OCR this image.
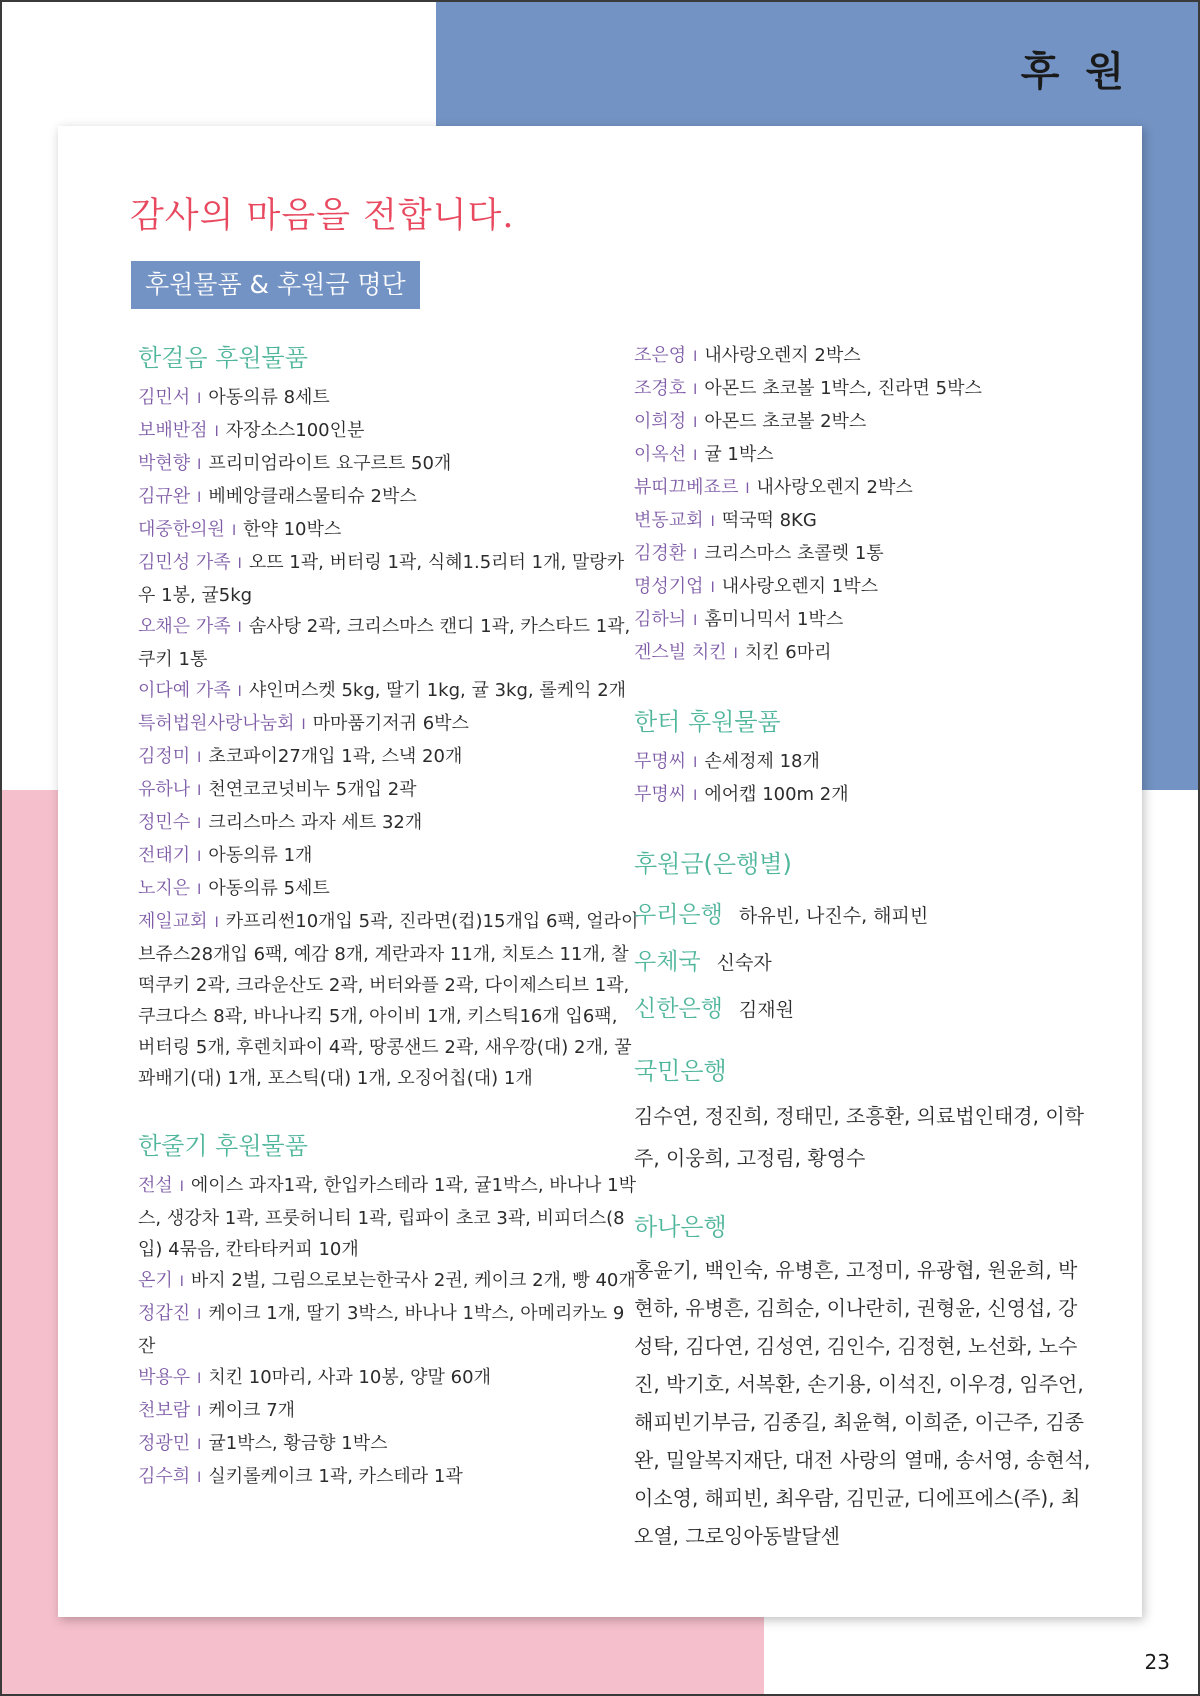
후 원
감사의 마음을 전합니다.
후원물품 & 후원금 명단
한걸음 후원물품
김민서 I 아동의류 8세트
보배반점 I 자장소스100인분
박현향 I 프리미엄라이트 요구르트 50개
김규완 I 베베앙클래스물티슈 2박스
대중한의원 I 한약 10박스
김민성 가족 I 오뜨 1곽, 버터링 1곽, 식혜1.5리터 1개, 말랑카우 1봉, 귤5kg
오채은 가족 I 솜사탕 2곽, 크리스마스 캔디 1곽, 카스타드 1곽, 쿠키 1통
이다예 가족 I 샤인머스켓 5kg, 딸기 1kg, 귤 3kg, 롤케익 2개
특허법원사랑나눔회 I 마마품기저귀 6박스
김정미 I 초코파이27개입 1곽, 스낵 20개
유하나 I 천연코코넛비누 5개입 2곽
정민수 I 크리스마스 과자 세트 32개
전태기 I 아동의류 1개
노지은 I 아동의류 5세트
제일교회 I 카프리썬10개입 5곽, 진라면(컵)15개입 6팩, 얼라이브쥬스28개입 6팩, 예감 8개, 계란과자 11개, 치토스 11개, 찰떡쿠키 2곽, 크라운산도 2곽, 버터와플 2곽, 다이제스티브 1곽, 쿠크다스 8곽, 바나나킥 5개, 아이비 1개, 키스틱16개 입6팩, 버터링 5개, 후렌치파이 4곽, 땅콩샌드 2곽, 새우깡(대) 2개, 꿀꽈배기(대) 1개, 포스틱(대) 1개, 오징어칩(대) 1개
한줄기 후원물품
전설 I 에이스 과자1곽, 한입카스테라 1곽, 귤1박스, 바나나 1박스, 생강차 1곽, 프룻허니티 1곽, 립파이 초코 3곽, 비피더스(8입) 4묶음, 칸타타커피 10개
온기 I 바지 2벌, 그림으로보는한국사 2권, 케이크 2개, 빵 40개
정갑진 I 케이크 1개, 딸기 3박스, 바나나 1박스, 아메리카노 9잔
박용우 I 치킨 10마리, 사과 10봉, 양말 60개
천보람 I 케이크 7개
정광민 I 귤1박스, 황금향 1박스
김수희 I 실키롤케이크 1곽, 카스테라 1곽
조은영 I 내사랑오렌지 2박스
조경호 I 아몬드 초코볼 1박스, 진라면 5박스
이희정 I 아몬드 초코볼 2박스
이옥선 I 귤 1박스
뷰띠끄베죠르 I 내사랑오렌지 2박스
변동교회 I 떡국떡 8KG
김경환 I 크리스마스 초콜렛 1통
명성기업 I 내사랑오렌지 1박스
김하늬 I 홈미니믹서 1박스
겐스빌 치킨 I 치킨 6마리
한터 후원물품
무명씨 I 손세정제 18개
무명씨 I 에어캡 100m 2개
후원금(은행별)
우리은행 하유빈, 나진수, 해피빈
우체국 신숙자
신한은행 김재원
국민은행
김수연, 정진희, 정태민, 조흥환, 의료법인태경, 이학주, 이웅희, 고정림, 황영수
하나은행
홍윤기, 백인숙, 유병흔, 고정미, 유광협, 원윤희, 박현하, 유병흔, 김희순, 이나란히, 권형윤, 신영섭, 강성탁, 김다연, 김성연, 김인수, 김정현, 노선화, 노수진, 박기호, 서복환, 손기용, 이석진, 이우경, 임주언, 해피빈기부금, 김종길, 최윤혁, 이희준, 이근주, 김종완, 밀알복지재단, 대전 사랑의 열매, 송서영, 송현석, 이소영, 해피빈, 최우람, 김민균, 디에프에스(주), 최오열, 그로잉아동발달센
23
